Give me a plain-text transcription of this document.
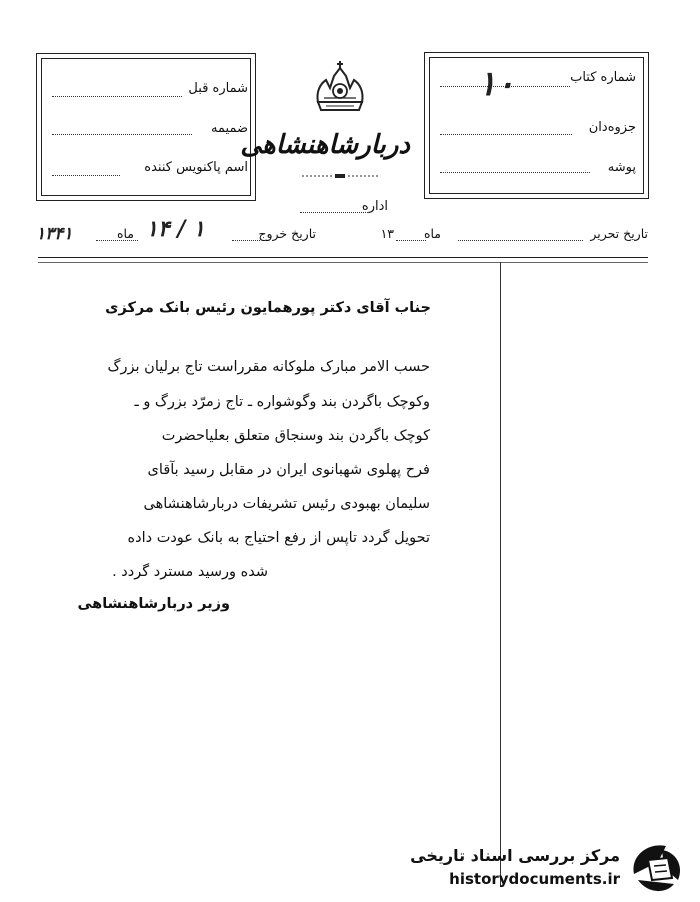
شماره قبل
ضمیمه
اسم پاکنویس کننده
شماره کتاب
۱۰
جزوه‌دان
پوشه
دربارشاهنشاهی
اداره
تاریخ تحریر
ماه
۱۳
تاریخ خروج
۱۴ / ۱
ماه
۱۳۴۱
جناب آقای دکتر پورهمایون رئیس بانک مرکزی
حسب الامر مبارک ملوکانه مقرراست تاج برلیان بزرگ
وکوچک باگردن بند وگوشواره ـ تاج زمرّد بزرگ و ـ
کوچک باگردن بند وسنجاق متعلق بعلیاحضرت
فرح پهلوی شهبانوی ایران در مقابل رسید بآقای
سلیمان بهبودی رئیس تشریفات دربارشاهنشاهی
تحویل گردد تاپس از رفع احتیاج به بانک عودت داده
شده ورسید مسترد گردد .
وزیر دربارشاهنشاهی
مرکز بررسی اسناد تاریخی
historydocuments.ir
